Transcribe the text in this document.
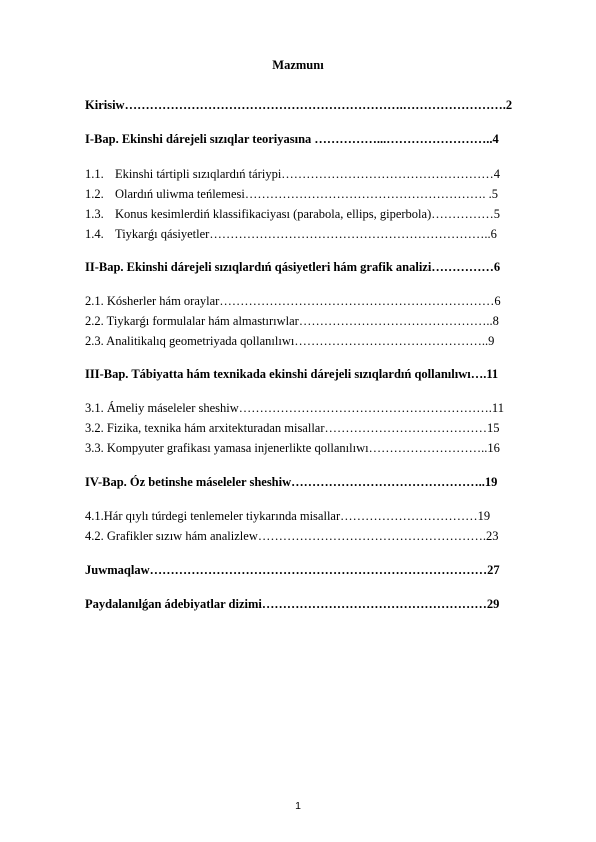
Mazmunı
Kirisiw………………………………………………………….…………………….2
I-Bap. Ekinshi dárejeli sızıqlar teoriyasına ……………...……………………..4
1.1. Ekinshi tártipli sızıqlardıń táriypi……………………………………………4
1.2. Olardıń uliwma teńlemesi…………………………………………………. .5
1.3. Konus kesimlerdiń klassifikaciyası (parabola, ellips, giperbola)……………5
1.4. Tiykarǵı qásiyetler…………………………………………………………..6
II-Bap. Ekinshi dárejeli sızıqlardıń qásiyetleri hám grafik analizi……………6
2.1. Kósherler hám oraylar…………………………………………………………6
2.2. Tiykarǵı formulalar hám almastırıwlar………………………………………..8
2.3. Analitikalıq geometriyada qollanılıwı………………………………………..9
III-Bap. Tábiyatta hám texnikada ekinshi dárejeli sızıqlardıń qollanılıwı….11
3.1. Ámeliy máseleler sheshiw…………………………………………………….11
3.2. Fizika, texnika hám arxitekturadan misallar…………………………………15
3.3. Kompyuter grafikası yamasa injenerlikte qollanılıwı………………………..16
IV-Bap. Óz betinshe máseleler sheshiw………………………………………..19
4.1.Hár qıylı túrdegi tenlemeler tiykarında misallar……………………………19
4.2. Grafikler sızıw hám analizlew……………………………………………….23
Juwmaqlaw………………………………………………………………………27
Paydalanılǵan ádebiyatlar dizimi………………………………………………29
1
